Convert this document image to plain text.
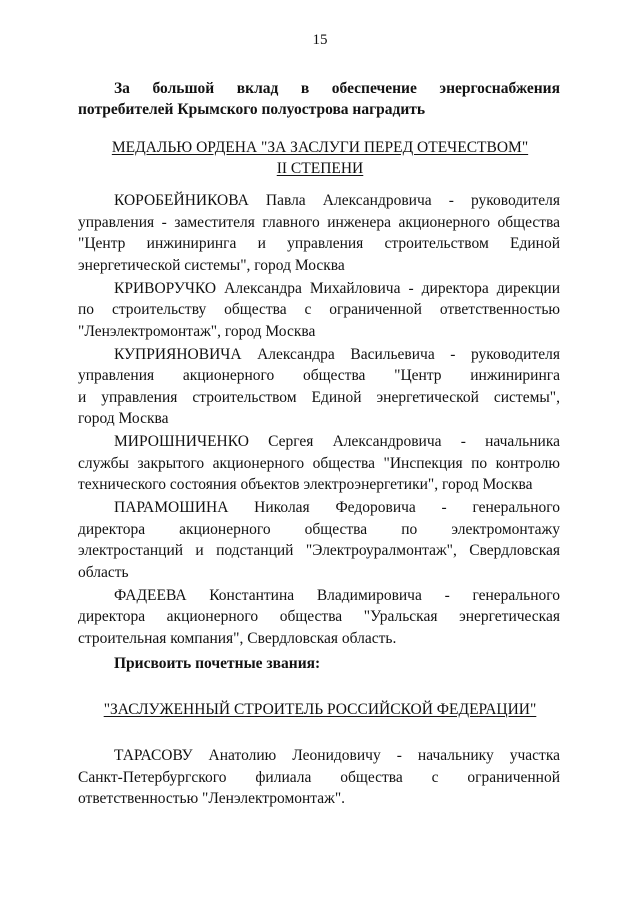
15
За большой вклад в обеспечение энергоснабжения
потребителей Крымского полуострова наградить
МЕДАЛЬЮ ОРДЕНА "ЗА ЗАСЛУГИ ПЕРЕД ОТЕЧЕСТВОМ"
II СТЕПЕНИ
КОРОБЕЙНИКОВА Павла Александровича - руководителя
управления - заместителя главного инженера акционерного общества
"Центр инжиниринга и управления строительством Единой
энергетической системы", город Москва
КРИВОРУЧКО Александра Михайловича - директора дирекции
по строительству общества с ограниченной ответственностью
"Ленэлектромонтаж", город Москва
КУПРИЯНОВИЧА Александра Васильевича - руководителя
управления акционерного общества "Центр инжиниринга
и управления строительством Единой энергетической системы",
город Москва
МИРОШНИЧЕНКО Сергея Александровича - начальника
службы закрытого акционерного общества "Инспекция по контролю
технического состояния объектов электроэнергетики", город Москва
ПАРАМОШИНА Николая Федоровича - генерального
директора акционерного общества по электромонтажу
электростанций и подстанций "Электроуралмонтаж", Свердловская
область
ФАДЕЕВА Константина Владимировича - генерального
директора акционерного общества "Уральская энергетическая
строительная компания", Свердловская область.
Присвоить почетные звания:
"ЗАСЛУЖЕННЫЙ СТРОИТЕЛЬ РОССИЙСКОЙ ФЕДЕРАЦИИ"
ТАРАСОВУ Анатолию Леонидовичу - начальнику участка
Санкт-Петербургского филиала общества с ограниченной
ответственностью "Ленэлектромонтаж".
